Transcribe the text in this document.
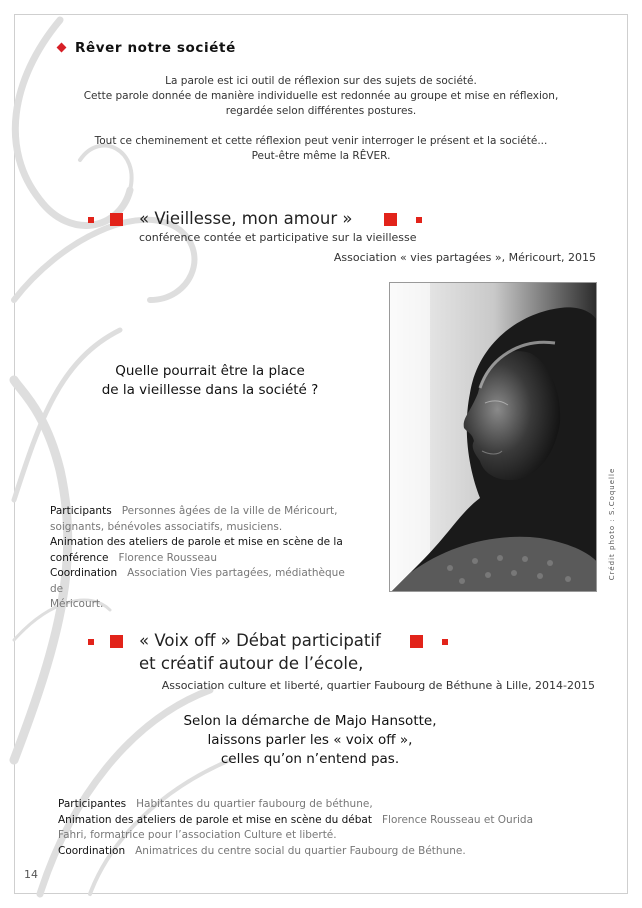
Rêver notre société
La parole est ici outil de réflexion sur des sujets de société.
Cette parole donnée de manière individuelle est redonnée au groupe et mise en réflexion,
regardée selon différentes postures.
Tout ce cheminement et cette réflexion peut venir interroger le présent et la société...
Peut-être même la RÊVER.
« Vieillesse, mon amour »
conférence contée et participative sur la vieillesse
Association « vies partagées », Méricourt, 2015
Quelle pourrait être la place
de la vieillesse dans la société ?
Crédit photo : S.Coquelle
Participants Personnes âgées de la ville de Méricourt,
soignants, bénévoles associatifs, musiciens.
Animation des ateliers de parole et mise en scène de la
conférence Florence Rousseau
Coordination Association Vies partagées, médiathèque de
Méricourt.
« Voix off » Débat participatif
et créatif autour de l’école,
Association culture et liberté, quartier Faubourg de Béthune à Lille, 2014-2015
Selon la démarche de Majo Hansotte,
laissons parler les « voix off »,
celles qu’on n’entend pas.
Participantes Habitantes du quartier faubourg de béthune,
Animation des ateliers de parole et mise en scène du débat Florence Rousseau et Ourida
Fahri, formatrice pour l’association Culture et liberté.
Coordination Animatrices du centre social du quartier Faubourg de Béthune.
14
